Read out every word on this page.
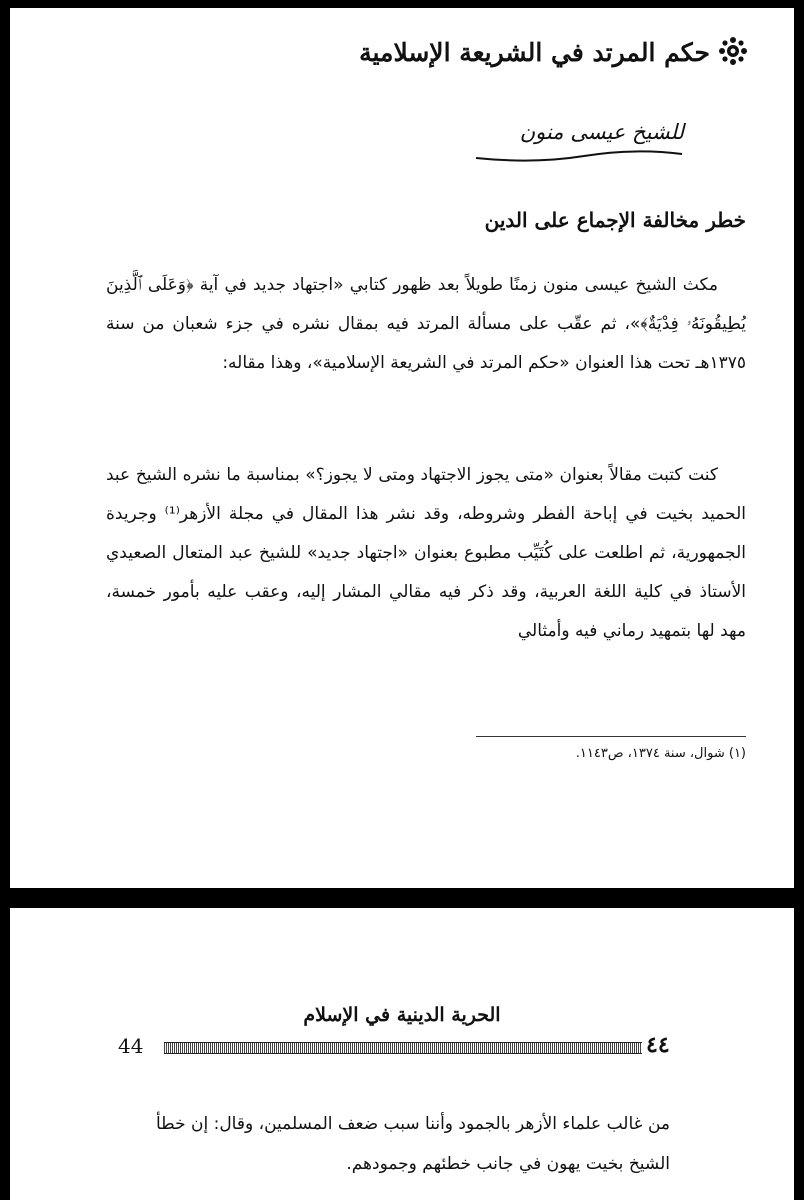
حكم المرتد في الشريعة الإسلامية
للشيخ عيسى منون
خطر مخالفة الإجماع على الدين

مكث الشيخ عيسى منون زمنًا طويلاً بعد ظهور كتابي «اجتهاد جديد في آية ﴿وَعَلَى ٱلَّذِينَ يُطِيقُونَهُۥ فِدْيَةٌ﴾»، ثم عقّب على مسألة المرتد فيه بمقال نشره في جزء شعبان من سنة ١٣٧٥هـ تحت هذا العنوان «حكم المرتد في الشريعة الإسلامية»، وهذا مقاله:

كنت كتبت مقالاً بعنوان «متى يجوز الاجتهاد ومتى لا يجوز؟» بمناسبة ما نشره الشيخ عبد الحميد بخيت في إباحة الفطر وشروطه، وقد نشر هذا المقال في مجلة الأزهر⁽¹⁾ وجريدة الجمهورية، ثم اطلعت على كُتَيِّب مطبوع بعنوان «اجتهاد جديد» للشيخ عبد المتعال الصعيدي الأستاذ في كلية اللغة العربية، وقد ذكر فيه مقالي المشار إليه، وعقب عليه بأمور خمسة، مهد لها بتمهيد رماني فيه وأمثالي

(١) شوال، سنة ١٣٧٤، ص١١٤٣.
الحرية الدينية في الإسلام
44	٤٤

من غالب علماء الأزهر بالجمود وأننا سبب ضعف المسلمين، وقال: إن خطأ

الشيخ بخيت يهون في جانب خطئهم وجمودهم.
